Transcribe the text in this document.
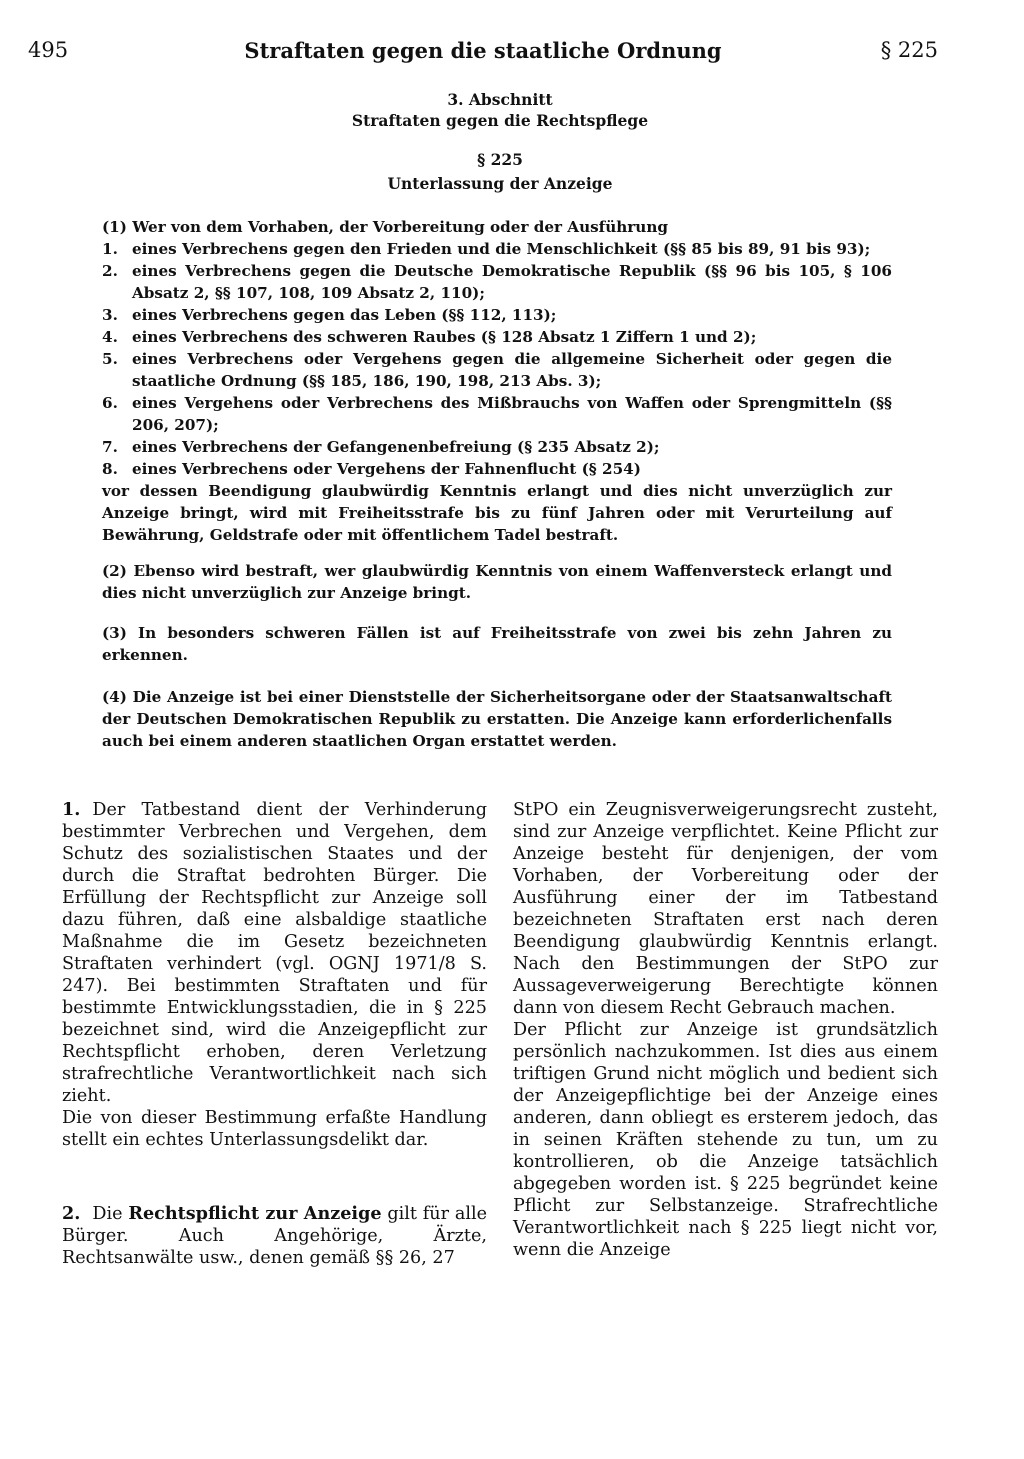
495	Straftaten gegen die staatliche Ordnung	§ 225
3. Abschnitt
Straftaten gegen die Rechtspflege
§ 225
Unterlassung der Anzeige
(1) Wer von dem Vorhaben, der Vorbereitung oder der Ausführung
1. eines Verbrechens gegen den Frieden und die Menschlichkeit (§§ 85 bis 89, 91 bis 93);
2. eines Verbrechens gegen die Deutsche Demokratische Republik (§§ 96 bis 105, § 106 Absatz 2, §§ 107, 108, 109 Absatz 2, 110);
3. eines Verbrechens gegen das Leben (§§ 112, 113);
4. eines Verbrechens des schweren Raubes (§ 128 Absatz 1 Ziffern 1 und 2);
5. eines Verbrechens oder Vergehens gegen die allgemeine Sicherheit oder gegen die staatliche Ordnung (§§ 185, 186, 190, 198, 213 Abs. 3);
6. eines Vergehens oder Verbrechens des Mißbrauchs von Waffen oder Sprengmitteln (§§ 206, 207);
7. eines Verbrechens der Gefangenenbefreiung (§ 235 Absatz 2);
8. eines Verbrechens oder Vergehens der Fahnenflucht (§ 254)
vor dessen Beendigung glaubwürdig Kenntnis erlangt und dies nicht unverzüglich zur Anzeige bringt, wird mit Freiheitsstrafe bis zu fünf Jahren oder mit Verurteilung auf Bewährung, Geldstrafe oder mit öffentlichem Tadel bestraft.
(2) Ebenso wird bestraft, wer glaubwürdig Kenntnis von einem Waffenversteck erlangt und dies nicht unverzüglich zur Anzeige bringt.
(3) In besonders schweren Fällen ist auf Freiheitsstrafe von zwei bis zehn Jahren zu erkennen.
(4) Die Anzeige ist bei einer Dienststelle der Sicherheitsorgane oder der Staatsanwaltschaft der Deutschen Demokratischen Republik zu erstatten. Die Anzeige kann erforderlichenfalls auch bei einem anderen staatlichen Organ erstattet werden.

1. Der Tatbestand dient der Verhinderung bestimmter Verbrechen und Vergehen, dem Schutz des sozialistischen Staates und der durch die Straftat bedrohten Bürger. Die Erfüllung der Rechtspflicht zur Anzeige soll dazu führen, daß eine alsbaldige staatliche Maßnahme die im Gesetz bezeichneten Straftaten verhindert (vgl. OGNJ 1971/8 S. 247). Bei bestimmten Straftaten und für bestimmte Entwicklungsstadien, die in § 225 bezeichnet sind, wird die Anzeigepflicht zur Rechtspflicht erhoben, deren Verletzung strafrechtliche Verantwortlichkeit nach sich zieht.

Die von dieser Bestimmung erfaßte Handlung stellt ein echtes Unterlassungsdelikt dar.

2. Die Rechtspflicht zur Anzeige gilt für alle Bürger. Auch Angehörige, Ärzte, Rechtsanwälte usw., denen gemäß §§ 26, 27

StPO ein Zeugnisverweigerungsrecht zusteht, sind zur Anzeige verpflichtet. Keine Pflicht zur Anzeige besteht für denjenigen, der vom Vorhaben, der Vorbereitung oder der Ausführung einer der im Tatbestand bezeichneten Straftaten erst nach deren Beendigung glaubwürdig Kenntnis erlangt. Nach den Bestimmungen der StPO zur Aussageverweigerung Berechtigte können dann von diesem Recht Gebrauch machen.

Der Pflicht zur Anzeige ist grundsätzlich persönlich nachzukommen. Ist dies aus einem triftigen Grund nicht möglich und bedient sich der Anzeigepflichtige bei der Anzeige eines anderen, dann obliegt es ersterem jedoch, das in seinen Kräften stehende zu tun, um zu kontrollieren, ob die Anzeige tatsächlich abgegeben worden ist. § 225 begründet keine Pflicht zur Selbstanzeige. Strafrechtliche Verantwortlichkeit nach § 225 liegt nicht vor, wenn die Anzeige
